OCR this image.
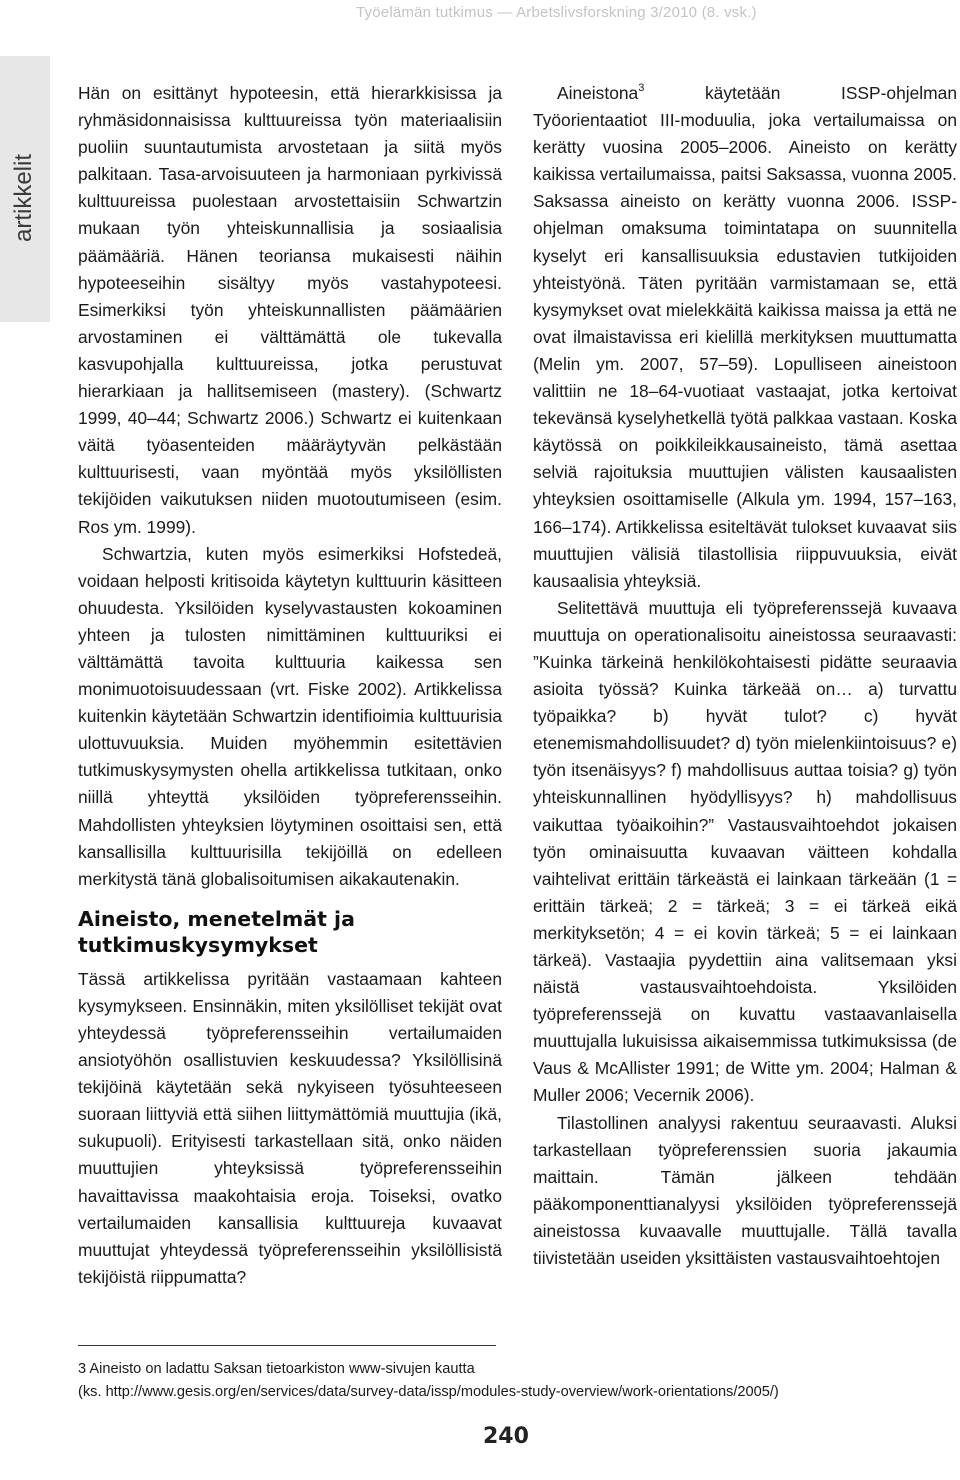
Työelämän tutkimus — Arbetslivsforskning 3/2010 (8. vsk.)
artikkelit

Hän on esittänyt hypoteesin, että hierarkkisissa ja ryhmäsidonnaisissa kulttuureissa työn materiaalisiin puoliin suuntautumista arvostetaan ja siitä myös palkitaan. Tasa-arvoisuuteen ja harmoniaan pyrkivissä kulttuureissa puolestaan arvostettaisiin Schwartzin mukaan työn yhteiskunnallisia ja sosiaalisia päämääriä. Hänen teoriansa mukaisesti näihin hypoteeseihin sisältyy myös vastahypoteesi. Esimerkiksi työn yhteiskunnallisten päämäärien arvostaminen ei välttämättä ole tukevalla kasvupohjalla kulttuureissa, jotka perustuvat hierarkiaan ja hallitsemiseen (mastery). (Schwartz 1999, 40–44; Schwartz 2006.) Schwartz ei kuitenkaan väitä työasenteiden määräytyvän pelkästään kulttuurisesti, vaan myöntää myös yksilöllisten tekijöiden vaikutuksen niiden muotoutumiseen (esim. Ros ym. 1999).

Schwartzia, kuten myös esimerkiksi Hofstedeä, voidaan helposti kritisoida käytetyn kulttuurin käsitteen ohuudesta. Yksilöiden kyselyvastausten kokoaminen yhteen ja tulosten nimittäminen kulttuuriksi ei välttämättä tavoita kulttuuria kaikessa sen monimuotoisuudessaan (vrt. Fiske 2002). Artikkelissa kuitenkin käytetään Schwartzin identifioimia kulttuurisia ulottuvuuksia. Muiden myöhemmin esitettävien tutkimuskysymysten ohella artikkelissa tutkitaan, onko niillä yhteyttä yksilöiden työpreferensseihin. Mahdollisten yhteyksien löytyminen osoittaisi sen, että kansallisilla kulttuurisilla tekijöillä on edelleen merkitystä tänä globalisoitumisen aikakautenakin.

Aineisto, menetelmät ja tutkimuskysymykset

Tässä artikkelissa pyritään vastaamaan kahteen kysymykseen. Ensinnäkin, miten yksilölliset tekijät ovat yhteydessä työpreferensseihin vertailumaiden ansiotyöhön osallistuvien keskuudessa? Yksilöllisinä tekijöinä käytetään sekä nykyiseen työsuhteeseen suoraan liittyviä että siihen liittymättömiä muuttujia (ikä, sukupuoli). Erityisesti tarkastellaan sitä, onko näiden muuttujien yhteyksissä työpreferensseihin havaittavissa maakohtaisia eroja. Toiseksi, ovatko vertailumaiden kansallisia kulttuureja kuvaavat muuttujat yhteydessä työpreferensseihin yksilöllisistä tekijöistä riippumatta?

Aineistona$^3$ käytetään ISSP-ohjelman Työorientaatiot III-moduulia, joka vertailumaissa on kerätty vuosina 2005–2006. Aineisto on kerätty kaikissa vertailumaissa, paitsi Saksassa, vuonna 2005. Saksassa aineisto on kerätty vuonna 2006. ISSP-ohjelman omaksuma toimintatapa on suunnitella kyselyt eri kansallisuuksia edustavien tutkijoiden yhteistyönä. Täten pyritään varmistamaan se, että kysymykset ovat mielekkäitä kaikissa maissa ja että ne ovat ilmaistavissa eri kielillä merkityksen muuttumatta (Melin ym. 2007, 57–59). Lopulliseen aineistoon valittiin ne 18–64-vuotiaat vastaajat, jotka kertoivat tekevänsä kyselyhetkellä työtä palkkaa vastaan. Koska käytössä on poikkileikkausaineisto, tämä asettaa selviä rajoituksia muuttujien välisten kausaalisten yhteyksien osoittamiselle (Alkula ym. 1994, 157–163, 166–174). Artikkelissa esiteltävät tulokset kuvaavat siis muuttujien välisiä tilastollisia riippuvuuksia, eivät kausaalisia yhteyksiä.

Selitettävä muuttuja eli työpreferenssejä kuvaava muuttuja on operationalisoitu aineistossa seuraavasti: ”Kuinka tärkeinä henkilökohtaisesti pidätte seuraavia asioita työssä? Kuinka tärkeää on… a) turvattu työpaikka? b) hyvät tulot? c) hyvät etenemismahdollisuudet? d) työn mielenkiintoisuus? e) työn itsenäisyys? f) mahdollisuus auttaa toisia? g) työn yhteiskunnallinen hyödyllisyys? h) mahdollisuus vaikuttaa työaikoihin?” Vastausvaihtoehdot jokaisen työn ominaisuutta kuvaavan väitteen kohdalla vaihtelivat erittäin tärkeästä ei lainkaan tärkeään (1 = erittäin tärkeä; 2 = tärkeä; 3 = ei tärkeä eikä merkityksetön; 4 = ei kovin tärkeä; 5 = ei lainkaan tärkeä). Vastaajia pyydettiin aina valitsemaan yksi näistä vastausvaihtoehdoista. Yksilöiden työpreferenssejä on kuvattu vastaavanlaisella muuttujalla lukuisissa aikaisemmissa tutkimuksissa (de Vaus & McAllister 1991; de Witte ym. 2004; Halman & Muller 2006; Vecernik 2006).

Tilastollinen analyysi rakentuu seuraavasti. Aluksi tarkastellaan työpreferenssien suoria jakaumia maittain. Tämän jälkeen tehdään pääkomponenttianalyysi yksilöiden työpreferenssejä aineistossa kuvaavalle muuttujalle. Tällä tavalla tiivistetään useiden yksittäisten vastausvaihtoehtojen

3 Aineisto on ladattu Saksan tietoarkiston www-sivujen kautta
(ks. http://www.gesis.org/en/services/data/survey-data/issp/modules-study-overview/work-orientations/2005/)
240
